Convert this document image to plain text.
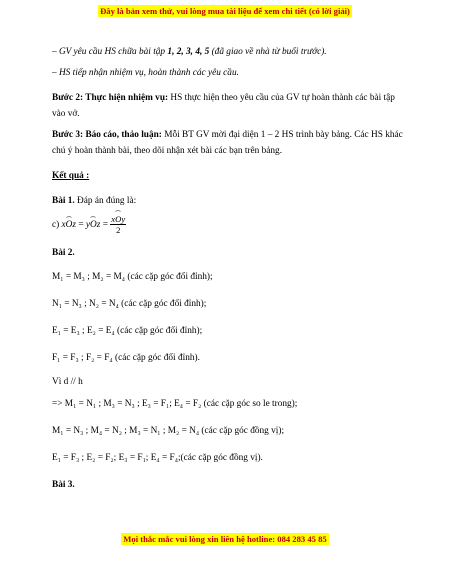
Đây là bản xem thử, vui lòng mua tài liệu để xem chi tiết (có lời giải)
– GV yêu cầu HS chữa bài tập 1, 2, 3, 4, 5 (đã giao về nhà từ buổi trước).
– HS tiếp nhận nhiệm vụ, hoàn thành các yêu cầu.
Bước 2: Thực hiện nhiệm vụ: HS thực hiện theo yêu cầu của GV tự hoàn thành các bài tập vào vở.
Bước 3: Báo cáo, thảo luận: Mỗi BT GV mời đại diện 1 – 2 HS trình bày bảng. Các HS khác chú ý hoàn thành bài, theo dõi nhận xét bài các bạn trên bảng.
Kết quả :
Bài 1. Đáp án đúng là:
c) ⌢ xOz = ⌢ yOz =
⌢ $\frac{\text{xOy}}{2}$
Bài 2.
M₁ = M₃ ; M₂ = M₄ (các cặp góc đối đỉnh);
N₁ = N₃ ; N₂ = N₄ (các cặp góc đối đỉnh);
E₁ = E₃ ; E₂ = E₄ (các cặp góc đối đỉnh);
F₁ = F₃ ; F₂ = F₄ (các cặp góc đối đỉnh).
Vì d // h
=> M₁ = N₁ ; M₃ = N₃ ; E₃ = F₁; E₄ = F₂ (các cặp góc so le trong);
M₁ = N₃ ; M₄ = N₂ ; M₃ = N₁ ; M₂ = N₄ (các cặp góc đồng vị);
E₁ = F₃ ; E₂ = F₂; E₃ = F₁; E₄ = F₄;(các cặp góc đồng vị).
Bài 3.
Mọi thắc mắc vui lòng xin liên hệ hotline: 084 283 45 85
